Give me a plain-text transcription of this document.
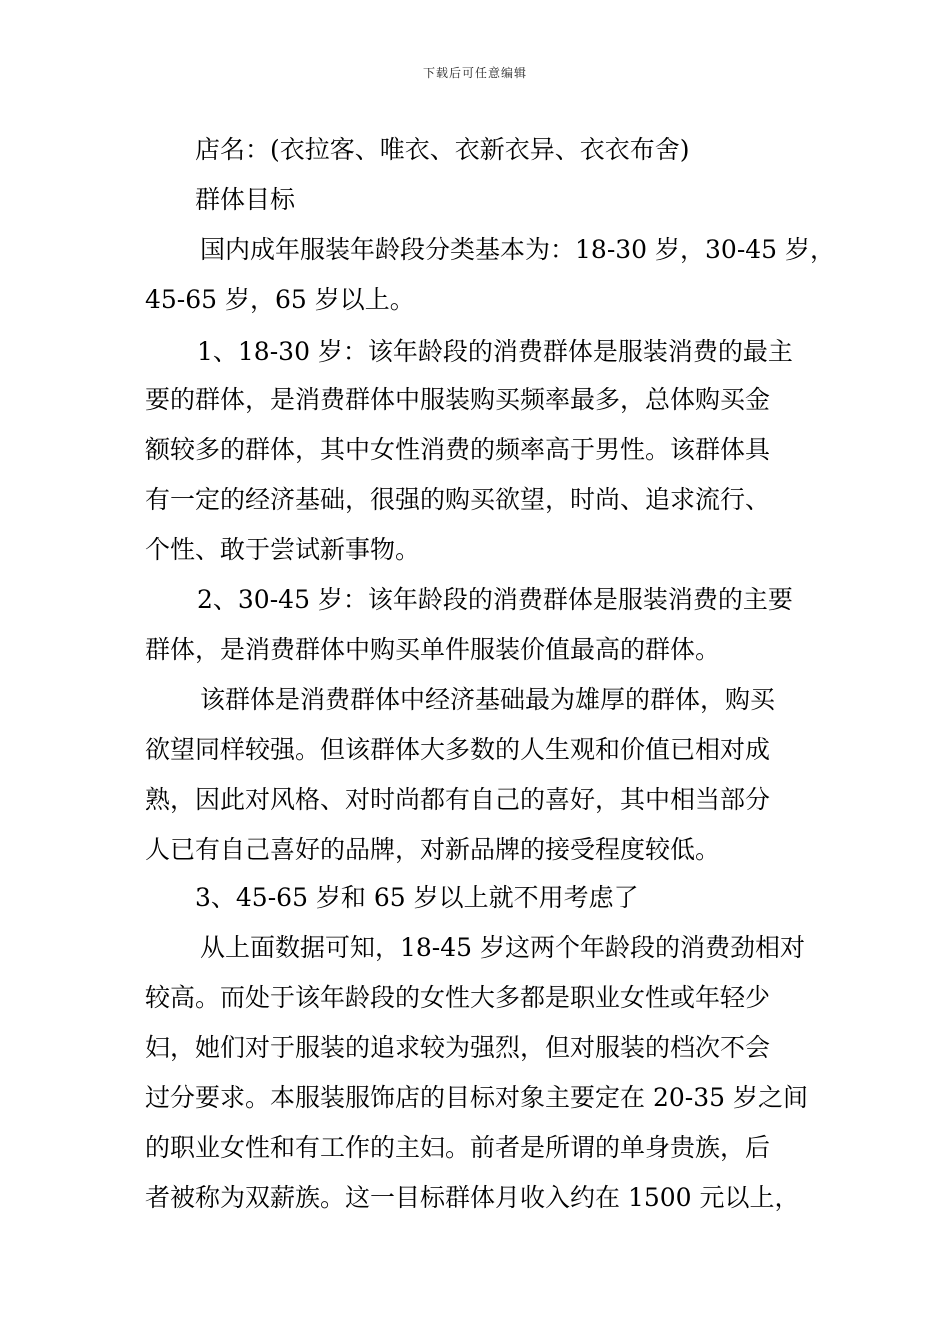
下载后可任意编辑
店名：(衣拉客、唯衣、衣新衣异、衣衣布舍)
群体目标
国内成年服装年龄段分类基本为：18-30 岁，30-45 岁，
45-65 岁，65 岁以上。
1、18-30 岁：该年龄段的消费群体是服装消费的最主
要的群体，是消费群体中服装购买频率最多，总体购买金
额较多的群体，其中女性消费的频率高于男性。该群体具
有一定的经济基础，很强的购买欲望，时尚、追求流行、
个性、敢于尝试新事物。
2、30-45 岁：该年龄段的消费群体是服装消费的主要
群体，是消费群体中购买单件服装价值最高的群体。
该群体是消费群体中经济基础最为雄厚的群体，购买
欲望同样较强。但该群体大多数的人生观和价值已相对成
熟，因此对风格、对时尚都有自己的喜好，其中相当部分
人已有自己喜好的品牌，对新品牌的接受程度较低。
3、45-65 岁和 65 岁以上就不用考虑了
从上面数据可知，18-45 岁这两个年龄段的消费劲相对
较高。而处于该年龄段的女性大多都是职业女性或年轻少
妇，她们对于服装的追求较为强烈，但对服装的档次不会
过分要求。本服装服饰店的目标对象主要定在 20-35 岁之间
的职业女性和有工作的主妇。前者是所谓的单身贵族，后
者被称为双薪族。这一目标群体月收入约在 1500 元以上，
